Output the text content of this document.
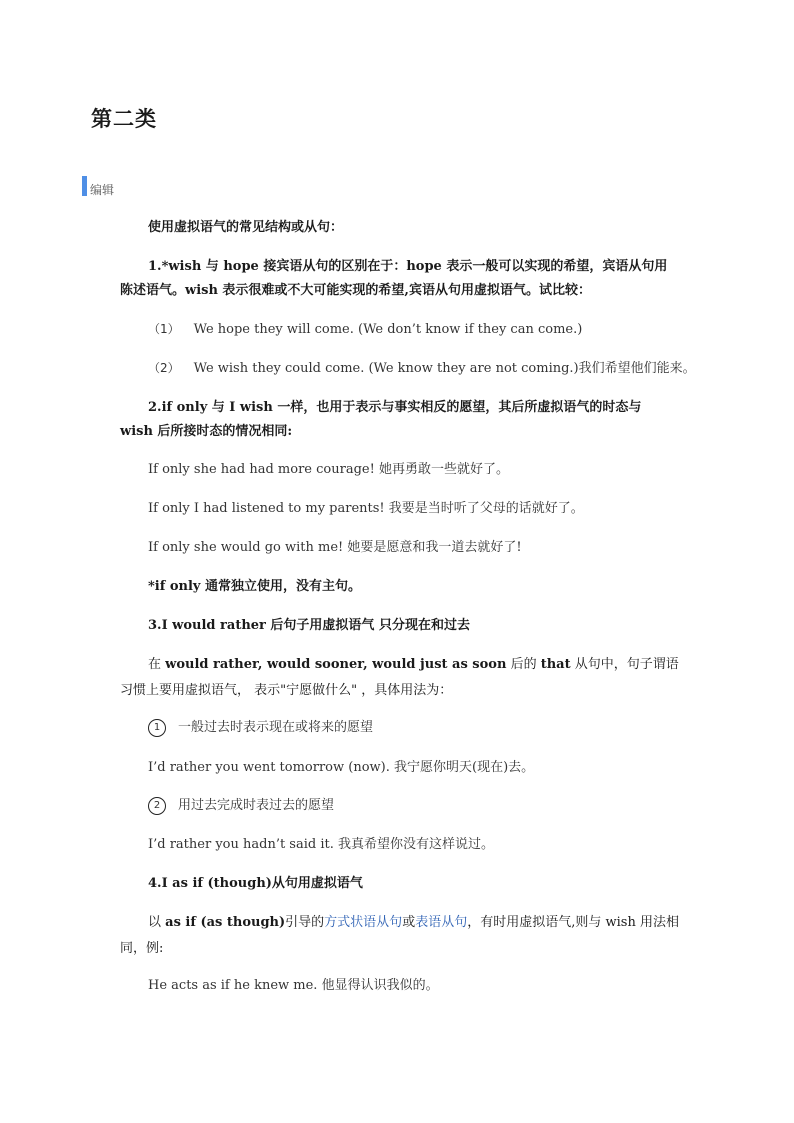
第二类
编辑
使用虚拟语气的常见结构或从句：
1.*wish 与 hope 接宾语从句的区别在于：hope 表示一般可以实现的希望，宾语从句用
陈述语气。wish 表示很难或不大可能实现的希望,宾语从句用虚拟语气。试比较：
（1） We hope they will come. (We don’t know if they can come.)
（2） We wish they could come. (We know they are not coming.)我们希望他们能来。
2.if only 与 I wish 一样，也用于表示与事实相反的愿望，其后所虚拟语气的时态与
wish 后所接时态的情况相同:
If only she had had more courage! 她再勇敢一些就好了。
If only I had listened to my parents! 我要是当时听了父母的话就好了。
If only she would go with me! 她要是愿意和我一道去就好了!
*if only 通常独立使用，没有主句。
3.I would rather 后句子用虚拟语气 只分现在和过去
在 would rather, would sooner, would just as soon 后的 that 从句中，句子谓语习惯上要用虚拟语气， 表示"宁愿做什么" ，具体用法为：
1 一般过去时表示现在或将来的愿望
I’d rather you went tomorrow (now). 我宁愿你明天(现在)去。
2 用过去完成时表过去的愿望
I’d rather you hadn’t said it. 我真希望你没有这样说过。
4.I as if (though)从句用虚拟语气
以 as if (as though)引导的方式状语从句或表语从句，有时用虚拟语气,则与 wish 用法相同，例:
He acts as if he knew me. 他显得认识我似的。
